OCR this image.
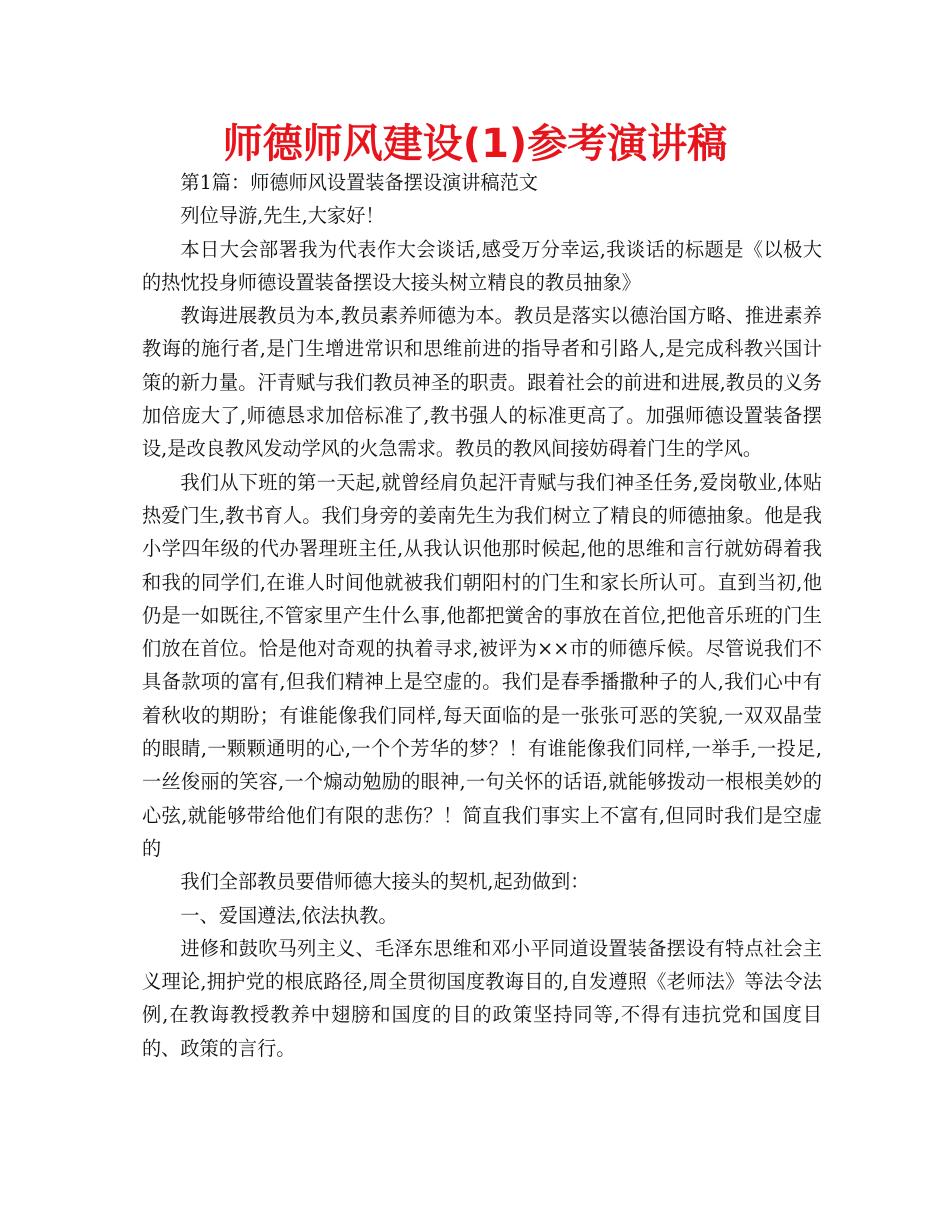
师德师风建设(1)参考演讲稿

第1篇：师德师风设置装备摆设演讲稿范文

列位导游,先生,大家好！

本日大会部署我为代表作大会谈话,感受万分幸运,我谈话的标题是《以极大的热忱投身师德设置装备摆设大接头树立精良的教员抽象》

教诲进展教员为本,教员素养师德为本。教员是落实以德治国方略、推进素养教诲的施行者,是门生增进常识和思维前进的指导者和引路人,是完成科教兴国计策的新力量。汗青赋与我们教员神圣的职责。跟着社会的前进和进展,教员的义务加倍庞大了,师德恳求加倍标准了,教书强人的标准更高了。加强师德设置装备摆设,是改良教风发动学风的火急需求。教员的教风间接妨碍着门生的学风。

我们从下班的第一天起,就曾经肩负起汗青赋与我们神圣任务,爱岗敬业,体贴热爱门生,教书育人。我们身旁的姜南先生为我们树立了精良的师德抽象。他是我小学四年级的代办署理班主任,从我认识他那时候起,他的思维和言行就妨碍着我和我的同学们,在谁人时间他就被我们朝阳村的门生和家长所认可。直到当初,他仍是一如既往,不管家里产生什么事,他都把黉舍的事放在首位,把他音乐班的门生们放在首位。恰是他对奇观的执着寻求,被评为××市的师德斥候。尽管说我们不具备款项的富有,但我们精神上是空虚的。我们是春季播撒种子的人,我们心中有着秋收的期盼；有谁能像我们同样,每天面临的是一张张可恶的笑貌,一双双晶莹的眼睛,一颗颗通明的心,一个个芳华的梦？！有谁能像我们同样,一举手,一投足,一丝俊丽的笑容,一个煽动勉励的眼神,一句关怀的话语,就能够拨动一根根美妙的心弦,就能够带给他们有限的悲伤？！简直我们事实上不富有,但同时我们是空虚的

我们全部教员要借师德大接头的契机,起劲做到：

一、爱国遵法,依法执教。

进修和鼓吹马列主义、毛泽东思维和邓小平同道设置装备摆设有特点社会主义理论,拥护党的根底路径,周全贯彻国度教诲目的,自发遵照《老师法》等法令法例,在教诲教授教养中翅膀和国度的目的政策坚持同等,不得有违抗党和国度目的、政策的言行。
